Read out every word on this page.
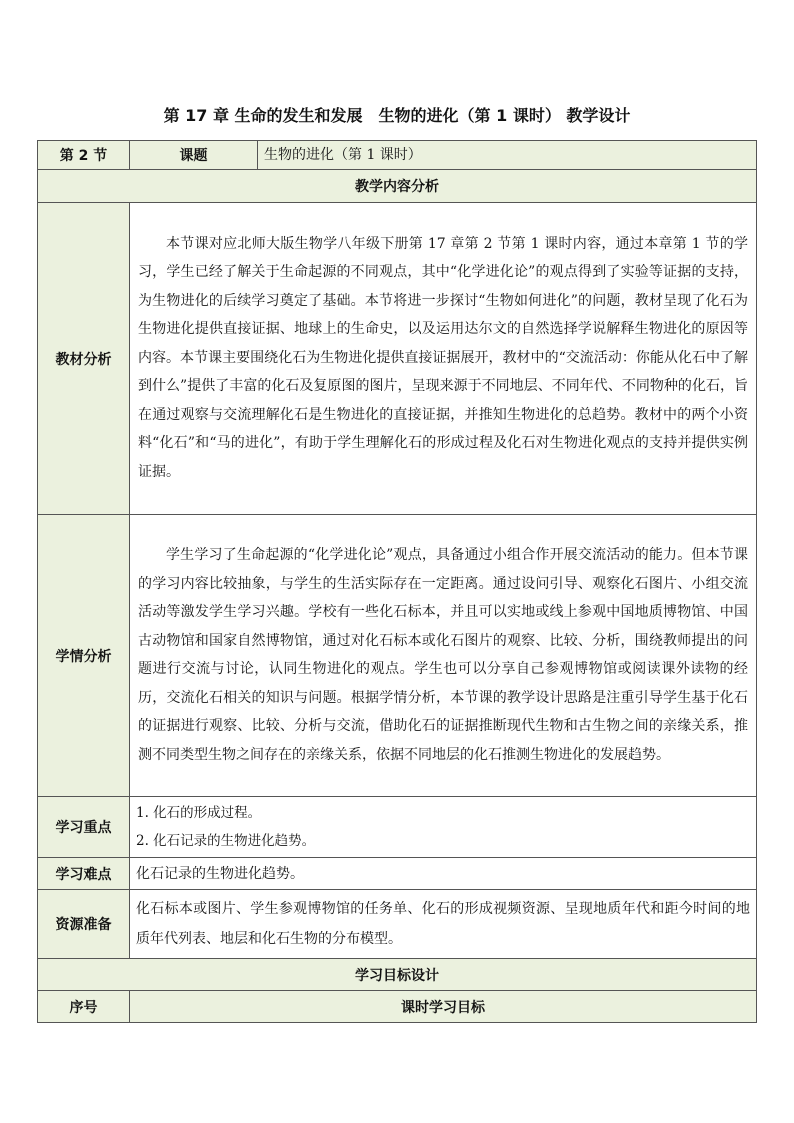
第 17 章 生命的发生和发展　生物的进化（第 1 课时） 教学设计
第 2 节	课题	生物的进化（第 1 课时）
教学内容分析		
教材分析	本节课对应北师大版生物学八年级下册第 17 章第 2 节第 1 课时内容，通过本章第 1 节的学习，学生已经了解关于生命起源的不同观点，其中“化学进化论”的观点得到了实验等证据的支持，为生物进化的后续学习奠定了基础。本节将进一步探讨“生物如何进化”的问题，教材呈现了化石为生物进化提供直接证据、地球上的生命史，以及运用达尔文的自然选择学说解释生物进化的原因等内容。本节课主要围绕化石为生物进化提供直接证据展开，教材中的“交流活动：你能从化石中了解到什么”提供了丰富的化石及复原图的图片，呈现来源于不同地层、不同年代、不同物种的化石，旨在通过观察与交流理解化石是生物进化的直接证据，并推知生物进化的总趋势。教材中的两个小资料“化石”和“马的进化”，有助于学生理解化石的形成过程及化石对生物进化观点的支持并提供实例证据。	
学情分析	学生学习了生命起源的“化学进化论”观点，具备通过小组合作开展交流活动的能力。但本节课的学习内容比较抽象，与学生的生活实际存在一定距离。通过设问引导、观察化石图片、小组交流活动等激发学生学习兴趣。学校有一些化石标本，并且可以实地或线上参观中国地质博物馆、中国古动物馆和国家自然博物馆，通过对化石标本或化石图片的观察、比较、分析，围绕教师提出的问题进行交流与讨论，认同生物进化的观点。学生也可以分享自己参观博物馆或阅读课外读物的经历，交流化石相关的知识与问题。根据学情分析，本节课的教学设计思路是注重引导学生基于化石的证据进行观察、比较、分析与交流，借助化石的证据推断现代生物和古生物之间的亲缘关系，推测不同类型生物之间存在的亲缘关系，依据不同地层的化石推测生物进化的发展趋势。	
学习重点	1. 化石的形成过程。
2. 化石记录的生物进化趋势。	

学习难点	化石记录的生物进化趋势。	
资源准备	化石标本或图片、学生参观博物馆的任务单、化石的形成视频资源、呈现地质年代和距今时间的地质年代列表、地层和化石生物的分布模型。	
学习目标设计		
序号	课时学习目标	
